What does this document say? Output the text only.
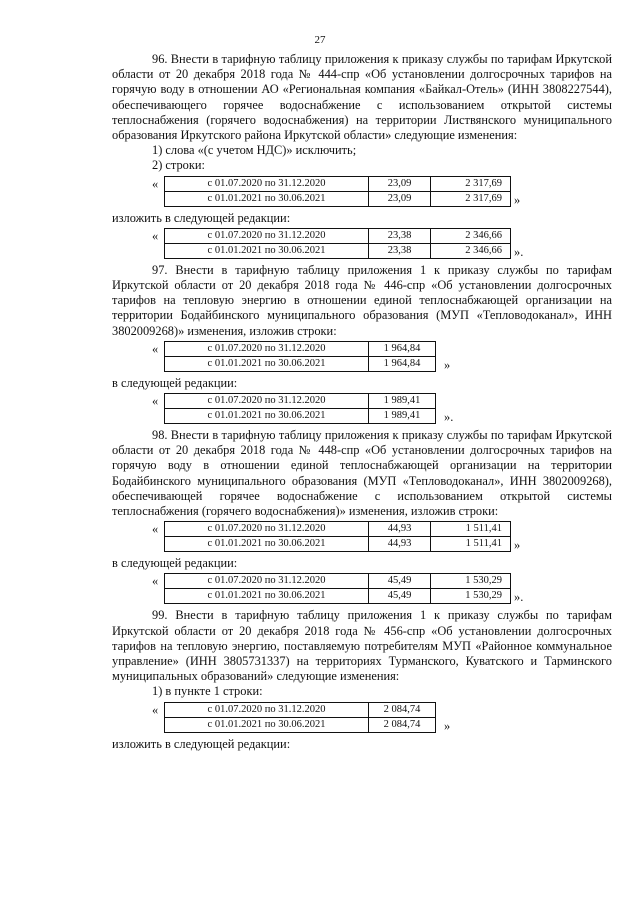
27

96. Внести в тарифную таблицу приложения к приказу службы по тарифам Иркутской области от 20 декабря 2018 года № 444-спр «Об установлении долгосрочных тарифов на горячую воду в отношении АО «Региональная компания «Байкал-Отель» (ИНН 3808227544), обеспечивающего горячее водоснабжение с использованием открытой системы теплоснабжения (горячего водоснабжения) на территории Листвянского муниципального образования Иркутского района Иркутской области» следующие изменения:

1) слова «(с учетом НДС)» исключить;

2) строки:

«	с 01.07.2020 по 31.12.2020	23,09	2 317,69
с 01.01.2021 по 30.06.2021	23,09	2 317,69 »

изложить в следующей редакции:

«	с 01.07.2020 по 31.12.2020	23,38	2 346,66
с 01.01.2021 по 30.06.2021	23,38	2 346,66 ».

97. Внести в тарифную таблицу приложения 1 к приказу службы по тарифам Иркутской области от 20 декабря 2018 года № 446-спр «Об установлении долгосрочных тарифов на тепловую энергию в отношении единой теплоснабжающей организации на территории Бодайбинского муниципального образования (МУП «Тепловодоканал», ИНН 3802009268)» изменения, изложив строки:

«	с 01.07.2020 по 31.12.2020	1 964,84
с 01.01.2021 по 30.06.2021	1 964,84 »

в следующей редакции:

«	с 01.07.2020 по 31.12.2020	1 989,41
с 01.01.2021 по 30.06.2021	1 989,41 ».

98. Внести в тарифную таблицу приложения к приказу службы по тарифам Иркутской области от 20 декабря 2018 года № 448-спр «Об установлении долгосрочных тарифов на горячую воду в отношении единой теплоснабжающей организации на территории Бодайбинского муниципального образования (МУП «Тепловодоканал», ИНН 3802009268), обеспечивающей горячее водоснабжение с использованием открытой системы теплоснабжения (горячего водоснабжения)» изменения, изложив строки:

«	с 01.07.2020 по 31.12.2020	44,93	1 511,41
с 01.01.2021 по 30.06.2021	44,93	1 511,41 »

в следующей редакции:

«	с 01.07.2020 по 31.12.2020	45,49	1 530,29
с 01.01.2021 по 30.06.2021	45,49	1 530,29 ».

99. Внести в тарифную таблицу приложения 1 к приказу службы по тарифам Иркутской области от 20 декабря 2018 года № 456-спр «Об установлении долгосрочных тарифов на тепловую энергию, поставляемую потребителям МУП «Районное коммунальное управление» (ИНН 3805731337) на территориях Турманского, Куватского и Тарминского муниципальных образований» следующие изменения:

1) в пункте 1 строки:

«	с 01.07.2020 по 31.12.2020	2 084,74
с 01.01.2021 по 30.06.2021	2 084,74 »

изложить в следующей редакции:
